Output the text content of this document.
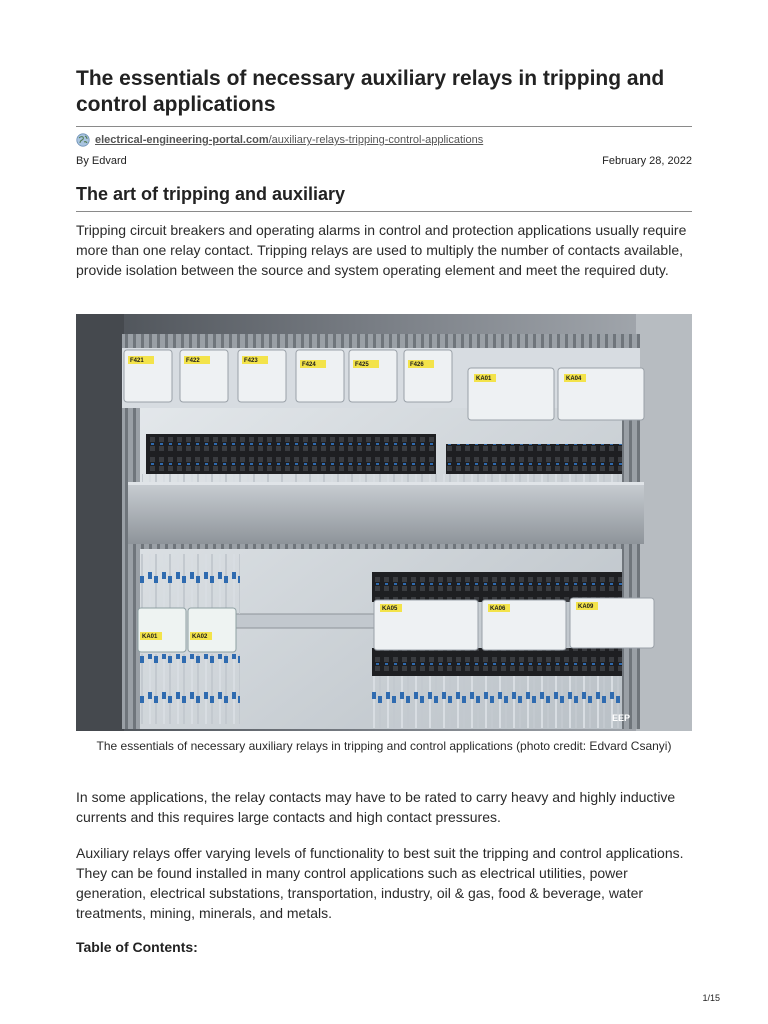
The essentials of necessary auxiliary relays in tripping and control applications
electrical-engineering-portal.com/auxiliary-relays-tripping-control-applications
By Edvard	February 28, 2022
The art of tripping and auxiliary

Tripping circuit breakers and operating alarms in control and protection applications usually require more than one relay contact. Tripping relays are used to multiply the number of contacts available, provide isolation between the source and system operating element and meet the required duty.

F421	F422	F423
F424	F425	F426
KA01	KA04
KA01	KA02
KA05	KA06	KA09
EEP
The essentials of necessary auxiliary relays in tripping and control applications (photo credit: Edvard Csanyi)

In some applications, the relay contacts may have to be rated to carry heavy and highly inductive currents and this requires large contacts and high contact pressures.

Auxiliary relays offer varying levels of functionality to best suit the tripping and control applications. They can be found installed in many control applications such as electrical utilities, power generation, electrical substations, transportation, industry, oil & gas, food & beverage, water treatments, mining, minerals, and metals.

Table of Contents:
1/15
